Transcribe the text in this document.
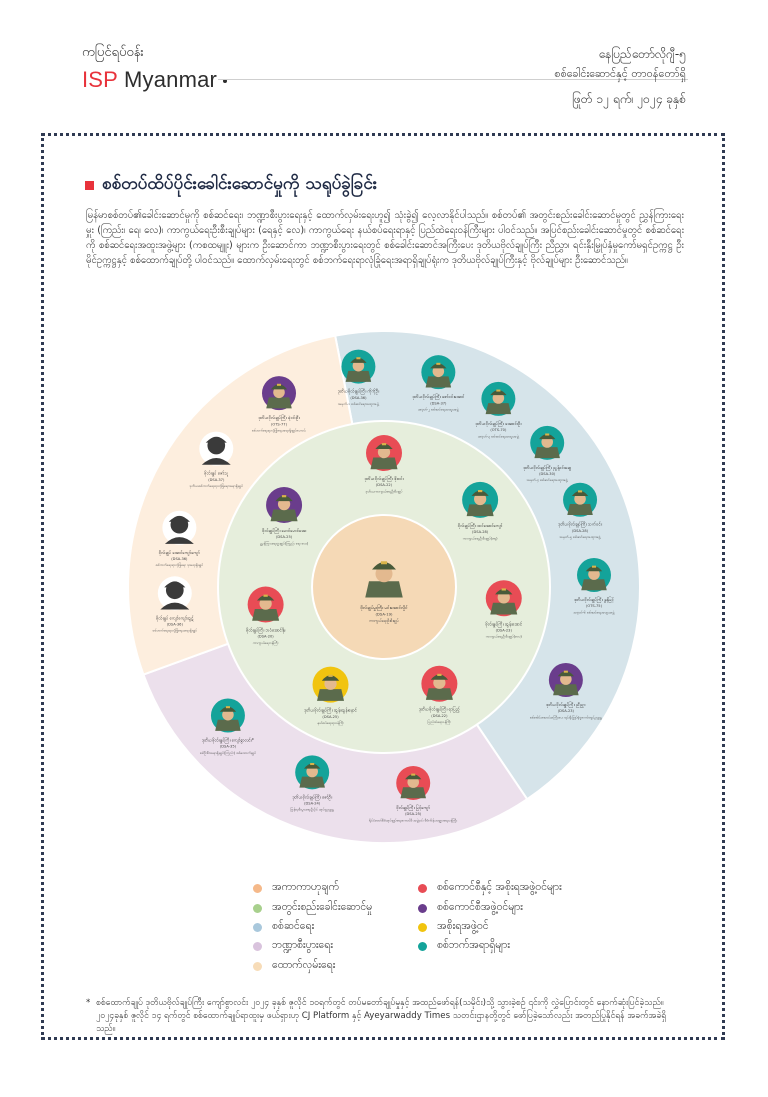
ကပြင်ရပ်ဝန်း
ISP Myanmar
နေပြည်တော်လိုဂျီ-၅
စစ်ခေါင်းဆောင်နှင့် တာဝန်တော်ရှိ
ဖြုတ် ၁၂ ရက်၊ ၂၀၂၄ ခုနှစ်
စစ်တပ်ထိပ်ပိုင်းခေါင်းဆောင်မှုကို သရုပ်ခွဲခြင်း
မြန်မာစစ်တပ်၏ခေါင်းဆောင်မှုကို စစ်ဆင်ရေး၊ ဘဏ္ဍာစီးပွားရေးနှင့် ထောက်လှမ်းရေးဟူ၍ သုံးခွဲ၍ လေ့လာနိုင်ပါသည်။ စစ်တပ်၏ အတွင်းစည်းခေါင်းဆောင်မှုတွင် ညွှန်ကြားရေးမှူး (ကြည်း၊ ရေ၊ လေ)၊ ကာကွယ်ရေးဦးစီးချုပ်များ (ရေနှင့် လေ)၊ ကာကွယ်ရေး နယ်စပ်ရေးရာနှင့် ပြည်ထဲရေးဝန်ကြီးများ ပါဝင်သည်။ အပြင်စည်းခေါင်းဆောင်မှုတွင် စစ်ဆင်ရေးကို စစ်ဆင်ရေးအထူးအဖွဲ့များ (ကစထမျူး) များက ဦးဆောင်ကာ ဘဏ္ဍာစီးပွားရေးတွင် စစ်ခေါင်းဆောင်အကြီးပေး ဒုတိယဗိုလ်ချုပ်ကြီး ညီညွှာ၊ ရင်းနှီးမြှုပ်နှံမှုကော်မရှင်ဥက္ကဋ္ဌ ဦးမိုင်ဥက္ကဋ္ဌနှင့် စစ်ထောက်ချုပ်တို့ ပါဝင်သည်။ ထောက်လှမ်းရေးတွင် စစ်ဘက်ရေးရာလုံခြုံရေးအရာရှိချုပ်ရုံးက ဒုတိယဗိုလ်ချုပ်ကြီးနှင့် ဗိုလ်ချုပ်များ ဦးဆောင်သည်။
ဗိုလ်ချုပ်မှူးကြီး မင်းအောင်လှိုင်
(DSA-19)
ကာကွယ်ရေးဦးစီးချုပ်
ဒုတိယဗိုလ်ချုပ်ကြီး စိုးဝင်း
(DSA-22)
ဒုတိယကာကွယ်ရေးဦးစီးချုပ်
ဗိုလ်ချုပ်ကြီး ထင်အောင်ကျော်
(DSA-28)
ကာကွယ်ရေးဦးစီးချုပ်(ရေ)
ဗိုလ်ချုပ်ကြီး ထွန်းအောင်
(DSA-23)
ကာကွယ်ရေးဦးစီးချုပ်(လေ)
ဒုတိယဗိုလ်ချုပ်ကြီး ရာပြည့်
(DSA-22)
ပြည်ထဲရေးဝန်ကြီး
ဒုတိယဗိုလ်ချုပ်ကြီး ထွန်းထွန်းနောင်
(DSA-25)
နယ်စပ်ရေးရာဝန်ကြီး
ဗိုလ်ချုပ်ကြီး ဘဝံအောင်နိုး
(DSA-20)
ကာကွယ်ရေးဝန်ကြီး
ဗိုလ်ချုပ်ကြီး မောင်မောင်အေး
(DSA-25)
ညွှန်ကြားရေးမှူးချုပ်(ကြည်း ရေ၊ လေ)
ဒုတိယဗိုလ်ချုပ်ကြီး ကိုကိုဦး
(DSA-36)
အမှတ်-၁ စစ်ဆင်ရေးအထူးအဖွဲ့
ဒုတိယဗိုလ်ချုပ်ကြီး ဇော်ဝင်းအောင်
(DSA-37)
အမှတ်-၂ စစ်ဆင်ရေးအထူးအဖွဲ့
ဒုတိယဗိုလ်ချုပ်ကြီး အေးဝင်းဦး
(OTS-70)
အမှတ်-၃ စစ်ဆင်ရေးအထူးအဖွဲ့
ဒုတိယဗိုလ်ချုပ်ကြီး ညွန့်ဝင်းဆွေ
(DSA-30)
အမှတ်-၄ စစ်ဆင်ရေးအထူးအဖွဲ့
ဒုတိယဗိုလ်ချုပ်ကြီး သက်ဝင်း
(DSA-28)
အမှတ်-၅ စစ်ဆင်ရေးအထူးအဖွဲ့
ဒုတိယဗိုလ်ချုပ်ကြီး ခွန်မြင့်
(OTS-75)
အမှတ်-၆ စစ်ဆင်ရေးအထူးအဖွဲ့
ဒုတိယဗိုလ်ချုပ်ကြီး ညီညွှာ
(DSA-23)
စစ်ခေါင်းဆောင်အကြီးပေး ရင်းနှီးမြှုပ်နှံမှုကော်မရှင်ဥက္ကဋ္ဌ
ဗိုလ်ချုပ်ကြီး မြင့်ကျော်
(DSA-25)
နိုင်ငံတော်စီမံအုပ်ချုပ်ရေးကောင်စီ အဖွဲ့ဝင်၊ စီမံကိန်းဘဏ္ဍာရေးဝန်ကြီး
ဒုတိယဗိုလ်ချုပ်ကြီး ဇော်ဦး
(DSA-24)
မြန်မာ့စီးပွားရေးဦးပိုင် အုပ်စုဥက္ကဋ္ဌ
ဒုတိယဗိုလ်ချုပ်ကြီး ကျော်စွာလင်း*
(DSA-35)
စစ်ဦးစီးအရာရှိချုပ်(ကြည်း) စစ်ထောက်ချုပ်
ဗိုလ်ချုပ် ကျော်ကျော်ထွဋ်
(DSA-36)
စစ်ဘက်ရေးရာလုံခြုံရေးအရာရှိချုပ်
ဗိုလ်ချုပ် အောင်ကျော်ကျော်
(DSA-36)
စစ်ဘက်ရေးရာလုံခြုံရေး ဒုအရာရှိချုပ်
ဗိုလ်ချုပ် ဇော်သူ
(DSA-37)
ဒုတိယစစ်ဘက်ရေးရာလုံခြုံရေးအရာရှိချုပ်
ဒုတိယဗိုလ်ချုပ်ကြီး ရဲဝင်းဦး
(OTS-77)
စစ်ဘက်ရေးရာလုံခြုံရေးအရာရှိချုပ်ဟောင်း
အကာကာဟုချက်
အတွင်းစည်းခေါင်းဆောင်မှု
စစ်ဆင်ရေး
ဘဏ္ဍာစီးပွားရေး
ထောက်လှမ်းရေး
စစ်ကောင်စီနှင့် အစိုးရအဖွဲ့ဝင်များ
စစ်ကောင်စီအဖွဲ့ဝင်များ
အစိုးရအဖွဲ့ဝင်
စစ်ဘက်အရာရှိများ
* စစ်ထောက်ချုပ် ဒုတိယဗိုလ်ချုပ်ကြီး ကျော်စွာလင်း ၂၀၂၄ ခုနှစ် ဇူလိုင် ၁၀ရက်တွင် တပ်မတော်ချုပ်မှုနှင့် အထည်ဖော်ရန်(သမိုင်း)သို့ သွားခဲ့စဉ် ၎င်းကို လွှဲပြောင်းတွင် နောက်ဆုံးပြင်ခဲ့သည်။ ၂၀၂၄ခုနှစ် ဇူလိုင် ၁၄ ရက်တွင် စစ်ထောက်ချုပ်ရာထူးမှ ဖယ်ရှားဟု CJ Platform နှင့် Ayeyarwaddy Times သတင်းဌာနတို့တွင် ဖော်ပြခဲ့သော်လည်း အတည်ပြုနိုင်ရန် အခက်အခဲရှိသည်။
